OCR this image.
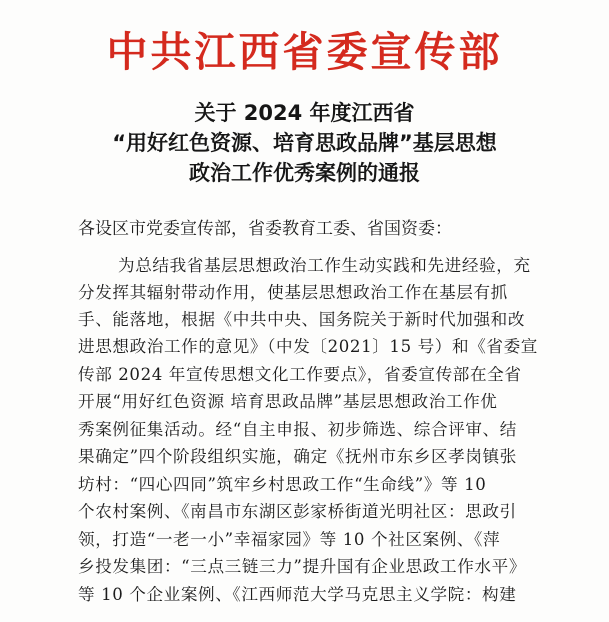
中共江西省委宣传部
关于 2024 年度江西省
“用好红色资源、培育思政品牌”基层思想
政治工作优秀案例的通报
各设区市党委宣传部，省委教育工委、省国资委：
为总结我省基层思想政治工作生动实践和先进经验，充
分发挥其辐射带动作用，使基层思想政治工作在基层有抓
手、能落地，根据《中共中央、国务院关于新时代加强和改
进思想政治工作的意见》（中发〔2021〕15 号）和《省委宣
传部 2024 年宣传思想文化工作要点》，省委宣传部在全省
开展“用好红色资源 培育思政品牌”基层思想政治工作优
秀案例征集活动。经“自主申报、初步筛选、综合评审、结
果确定”四个阶段组织实施，确定《抚州市东乡区孝岗镇张
坊村：“四心四同”筑牢乡村思政工作“生命线”》等 10
个农村案例、《南昌市东湖区彭家桥街道光明社区：思政引
领，打造“一老一小”幸福家园》等 10 个社区案例、《萍
乡投发集团：“三点三链三力”提升国有企业思政工作水平》
等 10 个企业案例、《江西师范大学马克思主义学院：构建
